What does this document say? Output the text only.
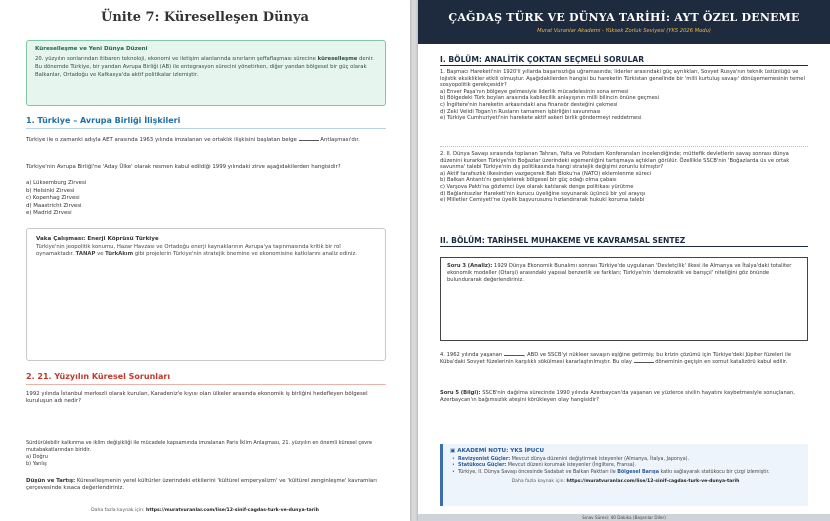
Ünite 7: Küreselleşen Dünya
Küreselleşme ve Yeni Dünya Düzeni
20. yüzyılın sonlarından itibaren teknoloji, ekonomi ve iletişim alanlarında sınırların şeffaflaşması sürecine küreselleşme denir. Bu dönemde Türkiye, bir yandan Avrupa Birliği (AB) ile entegrasyon sürecini yönetirken, diğer yandan bölgesel bir güç olarak Balkanlar, Ortadoğu ve Kafkasya'da aktif politikalar izlemiştir.
1. Türkiye – Avrupa Birliği İlişkileri
Türkiye ile o zamanki adıyla AET arasında 1963 yılında imzalanan ve ortaklık ilişkisini başlatan belge	Antlaşması'dır.
Türkiye'nin Avrupa Birliği'ne 'Aday Ülke' olarak resmen kabul edildiği 1999 yılındaki zirve aşağıdakilerden hangisidir?
a) Lüksemburg Zirvesi
b) Helsinki Zirvesi
c) Kopenhag Zirvesi
d) Maastricht Zirvesi
e) Madrid Zirvesi
Vaka Çalışması: Enerji Köprüsü Türkiye
Türkiye'nin jeopolitik konumu, Hazar Havzası ve Ortadoğu enerji kaynaklarının Avrupa'ya taşınmasında kritik bir rol oynamaktadır. TANAP ve TürkAkım gibi projelerin Türkiye'nin stratejik önemine ve ekonomisine katkılarını analiz ediniz.
2. 21. Yüzyılın Küresel Sorunları
1992 yılında İstanbul merkezli olarak kurulan, Karadeniz'e kıyısı olan ülkeler arasında ekonomik iş birliğini hedefleyen bölgesel kuruluşun adı nedir?
Sürdürülebilir kalkınma ve iklim değişikliği ile mücadele kapsamında imzalanan Paris İklim Anlaşması, 21. yüzyılın en önemli küresel çevre mutabakatlarından biridir.
a) Doğru
b) Yanlış
Düşün ve Tartış: Küreselleşmenin yerel kültürler üzerindeki etkilerini 'kültürel emperyalizm' ve 'kültürel zenginleşme' kavramları çerçevesinde kısaca değerlendiriniz.
Daha fazla kaynak için: https://muratvuranlar.com/lise/12-sinif-cagdas-turk-ve-dunya-tarih
ÇAĞDAŞ TÜRK VE DÜNYA TARİHİ: AYT ÖZEL DENEME
Murat Vuranlar Akademi - Yüksek Zorluk Seviyesi (YKS 2026 Modu)
I. BÖLÜM: ANALİTİK ÇOKTAN SEÇMELİ SORULAR
1. Başmacı Hareketi'nin 1920'li yıllarda başarısızlığa uğramasında; liderler arasındaki güç ayrılıkları, Sovyet Rusya'nın teknik üstünlüğü ve lojistik eksiklikler etkili olmuştur. Aşağıdakilerden hangisi bu hareketin Türkistan genelinde bir 'milli kurtuluş savaşı' dönüşememesinin temel sosyopolitik gerekçesidir?
a) Enver Paşa'nın bölgeye gelmesiyle liderlik mücadelesinin sona ermesi
b) Bölgedeki Türk boyları arasında kabilecilik anlayışının milli bilincin önüne geçmesi
c) İngiltere'nin hareketin arkasındaki ana finansör desteğini çekmesi
d) Zeki Velidi Togan'ın Rusların tamamen işbirliğini savunması
e) Türkiye Cumhuriyeti'nin harekete aktif askeri birlik göndermeyi reddetmesi
2. II. Dünya Savaşı sırasında toplanan Tahran, Yalta ve Potsdam Konferansları incelendiğinde; müttefik devletlerin savaş sonrası dünya düzenini kurarken Türkiye'nin Boğazlar üzerindeki egemenliğini tartışmaya açtıkları görülür. Özellikle SSCB'nin 'Boğazlarda üs ve ortak savunma' talebi Türkiye'nin dış politikasında hangi stratejik değişimi zorunlu kılmıştır?
a) Aktif tarafsızlık ilkesinden vazgeçerek Batı Bloku'na (NATO) eklemlenme süreci
b) Balkan Antantı'nı genişleterek bölgesel bir güç odağı olma çabası
c) Varşova Paktı'na gözlemci üye olarak katılarak denge politikası yürütme
d) Bağlantısızlar Hareketi'nin kurucu üyeliğine soyunarak üçüncü bir yol arayışı
e) Milletler Cemiyeti'ne üyelik başvurusunu hızlandırarak hukuki koruma talebi
II. BÖLÜM: TARİHSEL MUHAKEME VE KAVRAMSAL SENTEZ
Soru 3 (Analiz): 1929 Dünya Ekonomik Bunalımı sonrası Türkiye'de uygulanan 'Devletçilik' ilkesi ile Almanya ve İtalya'daki totaliter ekonomik modeller (Otarşi) arasındaki yapısal benzerlik ve farkları; Türkiye'nin 'demokratik ve barışçıl' niteliğini göz önünde bulundurarak değerlendiriniz.
4. 1962 yılında yaşanan	, ABD ve SSCB'yi nükleer savaşın eşiğine getirmiş; bu krizin çözümü için Türkiye'deki Jüpiter füzeleri ile Küba'daki Sovyet füzelerinin karşılıklı sökülmesi kararlaştırılmıştır. Bu olay	döneminin geçişin en somut katalizörü kabul edilir.
Soru 5 (Bilgi): SSCB'nin dağılma sürecinde 1990 yılında Azerbaycan'da yaşanan ve yüzlerce sivilin hayatını kaybetmesiyle sonuçlanan, Azerbaycan'ın bağımsızlık ateşini körükleyen olay hangisidir?
▣ AKADEMİ NOTU: YKS İPUCU
• Revizyonist Güçler: Mevcut dünya düzenini değiştirmek isteyenler (Almanya, İtalya, Japonya).
• Statükocu Güçler: Mevcut düzeni korumak isteyenler (İngiltere, Fransa).
• Türkiye, II. Dünya Savaşı öncesinde Sadabat ve Balkan Paktları ile Bölgesel Barışa katkı sağlayarak statükocu bir çizgi izlemiştir.
Daha fazla kaynak için: https://muratvuranlar.com/lise/12-sinif-cagdas-turk-ve-dunya-tarih
Sınav Süresi: 40 Dakika (Başarılar Diler)
